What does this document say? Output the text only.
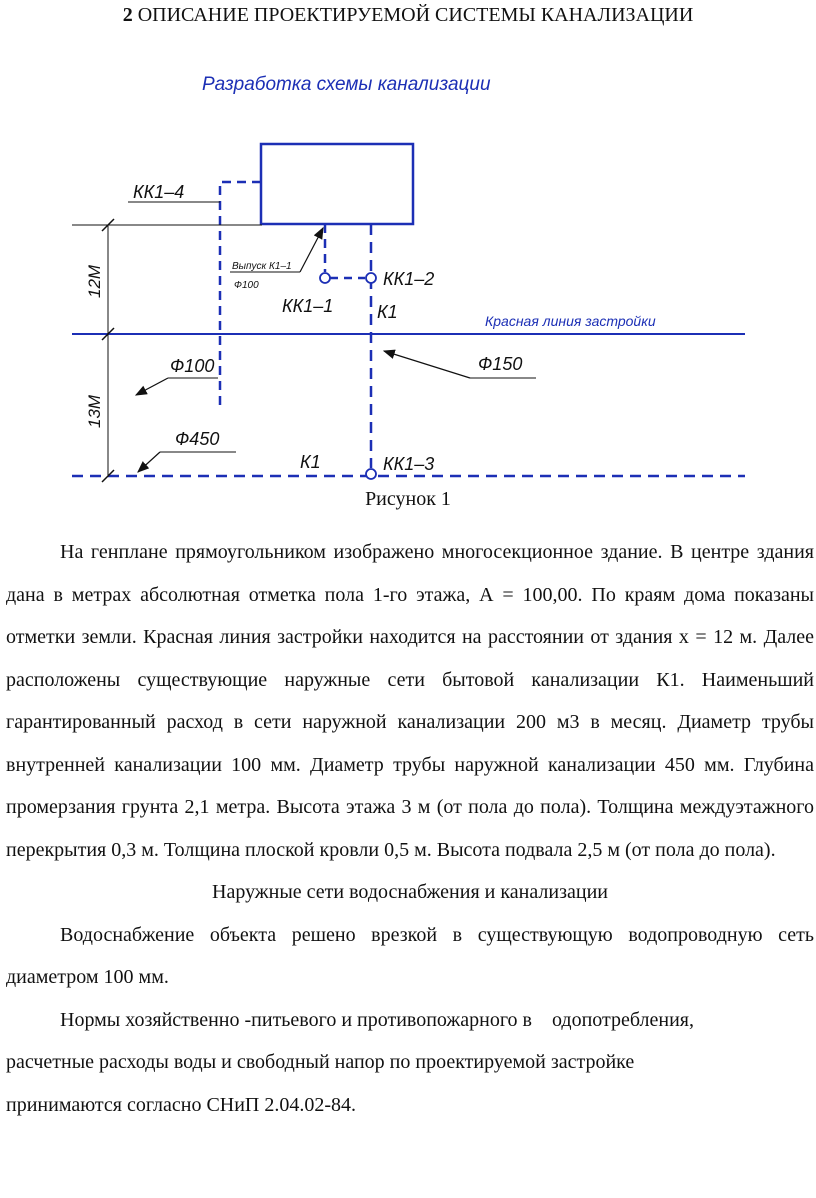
2 ОПИСАНИЕ ПРОЕКТИРУЕМОЙ СИСТЕМЫ КАНАЛИЗАЦИИ
Разработка схемы канализации
12М
13М
КК1–4
Выпуск К1–1
Ф100	КК1–2
КК1–1 К1	Красная линия застройки
Ф100	Ф150
Ф450
К1	КК1–3
Рисунок 1

На генплане прямоугольником изображено многосекционное здание. В центре здания дана в метрах абсолютная отметка пола 1-го этажа, А = 100,00. По краям дома показаны отметки земли. Красная линия застройки находится на расстоянии от здания х = 12 м. Далее расположены существующие наружные сети бытовой канализации К1. Наименьший гарантированный расход в сети наружной канализации 200 м3 в месяц. Диаметр трубы внутренней канализации 100 мм. Диаметр трубы наружной канализации 450 мм. Глубина промерзания грунта 2,1 метра. Высота этажа 3 м (от пола до пола). Толщина междуэтажного перекрытия 0,3 м. Толщина плоской кровли 0,5 м. Высота подвала 2,5 м (от пола до пола).

Наружные сети водоснабжения и канализации

Водоснабжение объекта решено врезкой в существующую водопроводную сеть диаметром 100 мм.

Нормы хозяйственно -питьевого и противопожарного в    одопотребления,

расчетные расходы воды и свободный напор по проектируемой застройке

принимаются согласно СНиП 2.04.02-84.
